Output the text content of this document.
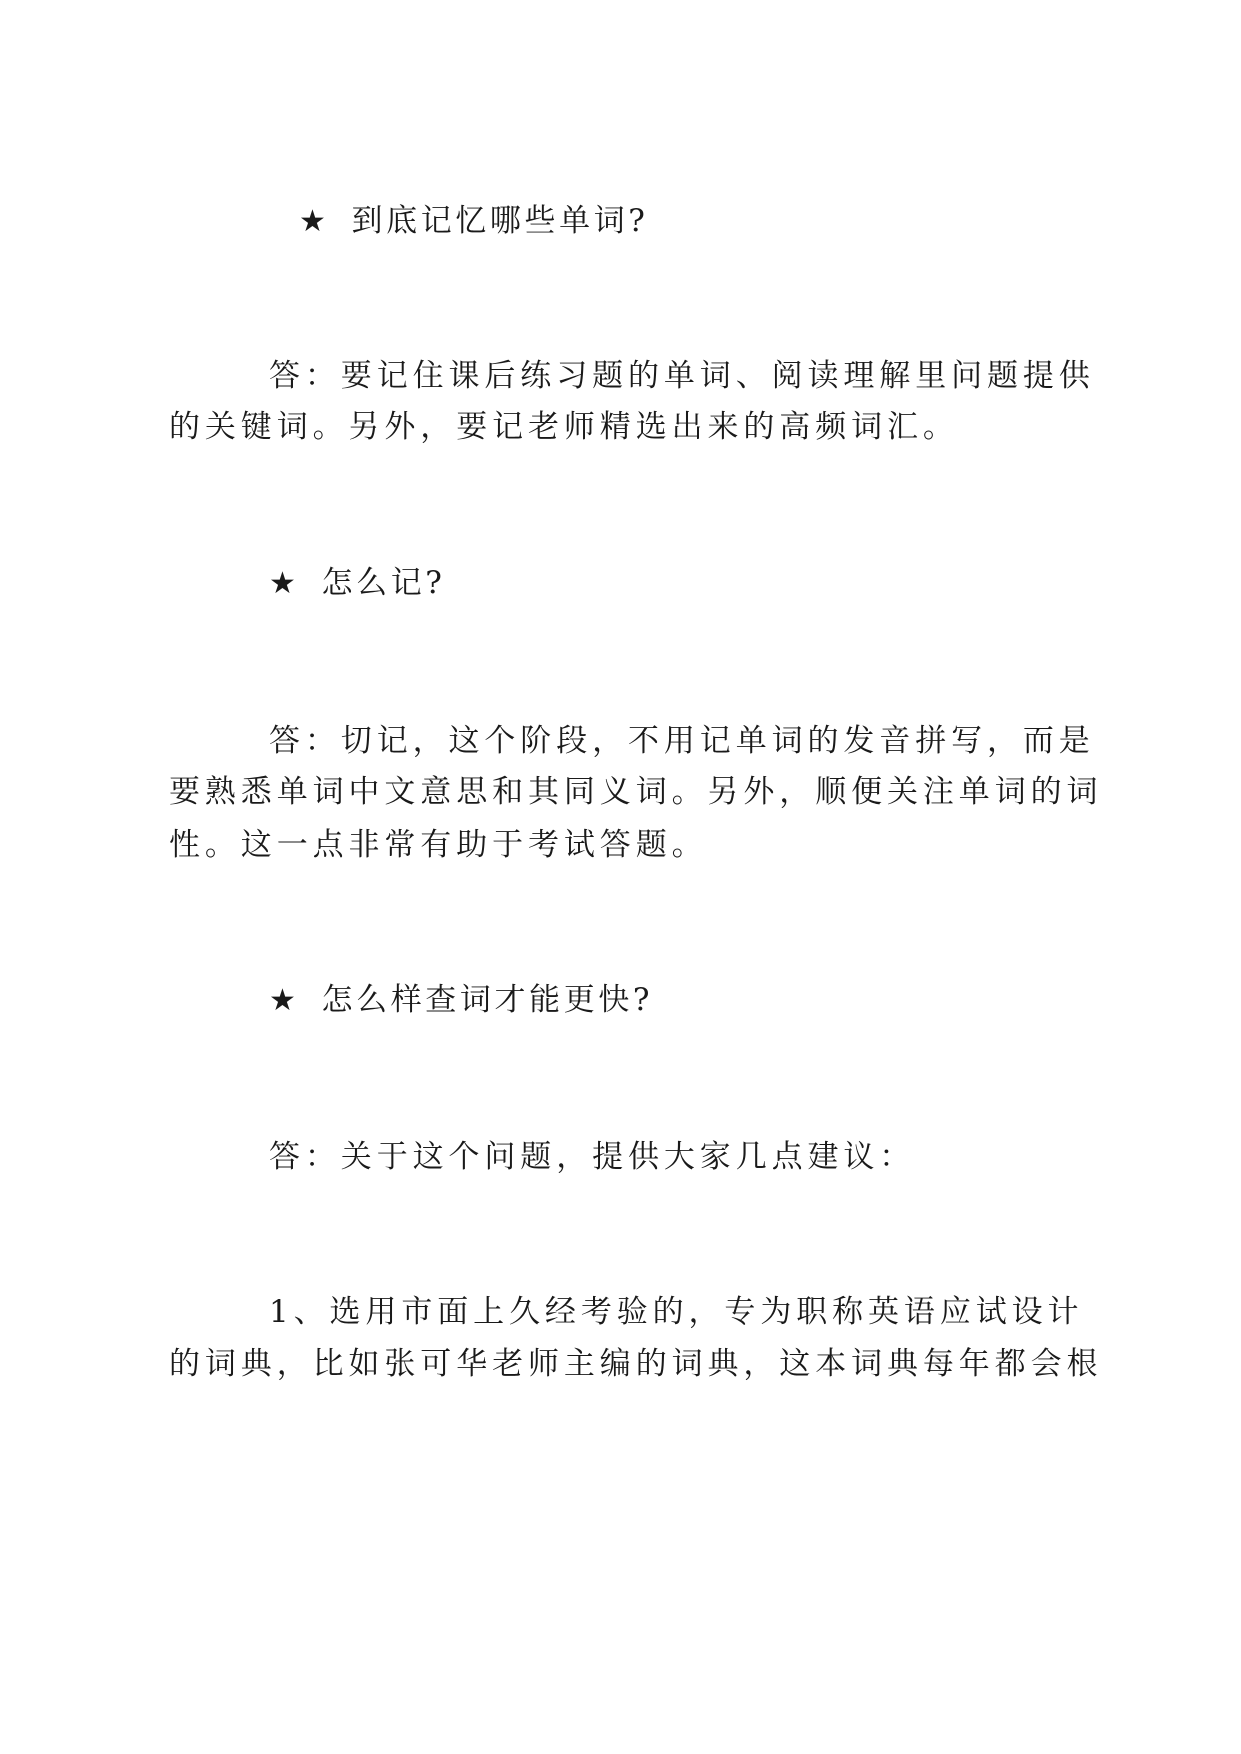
★ 到底记忆哪些单词?
答：要记住课后练习题的单词、阅读理解里问题提供
的关键词。另外，要记老师精选出来的高频词汇。
★ 怎么记?
答：切记，这个阶段，不用记单词的发音拼写，而是
要熟悉单词中文意思和其同义词。另外，顺便关注单词的词
性。这一点非常有助于考试答题。
★ 怎么样查词才能更快?
答：关于这个问题，提供大家几点建议：
1、选用市面上久经考验的，专为职称英语应试设计
的词典，比如张可华老师主编的词典，这本词典每年都会根
